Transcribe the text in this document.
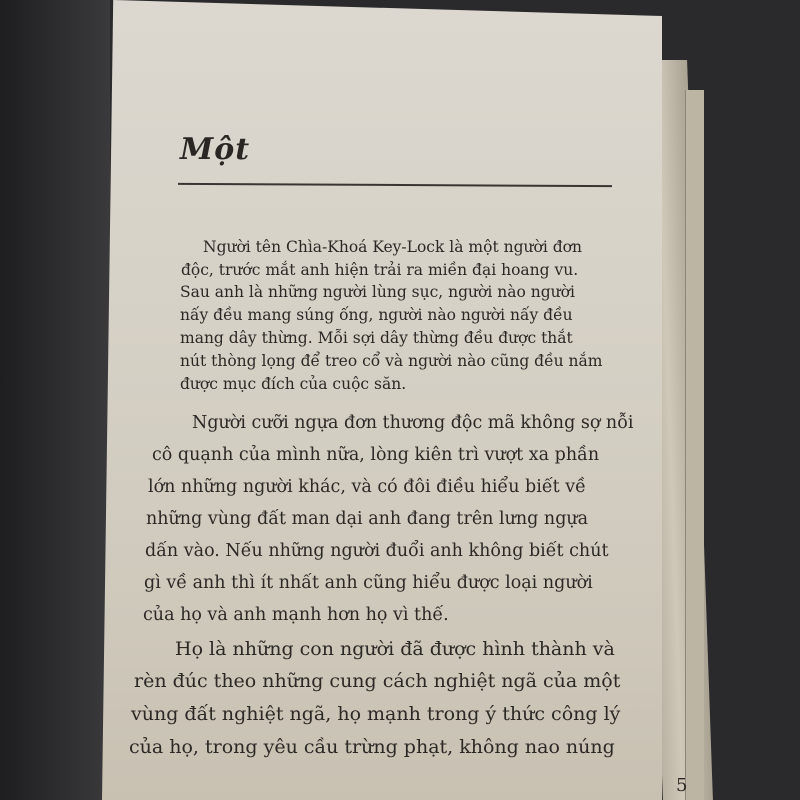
Một
Người tên Chìa-Khoá Key-Lock là một người đơn
độc, trước mắt anh hiện trải ra miền đại hoang vu.
Sau anh là những người lùng sục, người nào người
nấy đều mang súng ống, người nào người nấy đều
mang dây thừng. Mỗi sợi dây thừng đều được thắt
nút thòng lọng để treo cổ và người nào cũng đều nắm
được mục đích của cuộc săn.
Người cưỡi ngựa đơn thương độc mã không sợ nỗi
cô quạnh của mình nữa, lòng kiên trì vượt xa phần
lớn những người khác, và có đôi điều hiểu biết về
những vùng đất man dại anh đang trên lưng ngựa
dấn vào. Nếu những người đuổi anh không biết chút
gì về anh thì ít nhất anh cũng hiểu được loại người
của họ và anh mạnh hơn họ vì thế.
Họ là những con người đã được hình thành và
rèn đúc theo những cung cách nghiệt ngã của một
vùng đất nghiệt ngã, họ mạnh trong ý thức công lý
của họ, trong yêu cầu trừng phạt, không nao núng
5
